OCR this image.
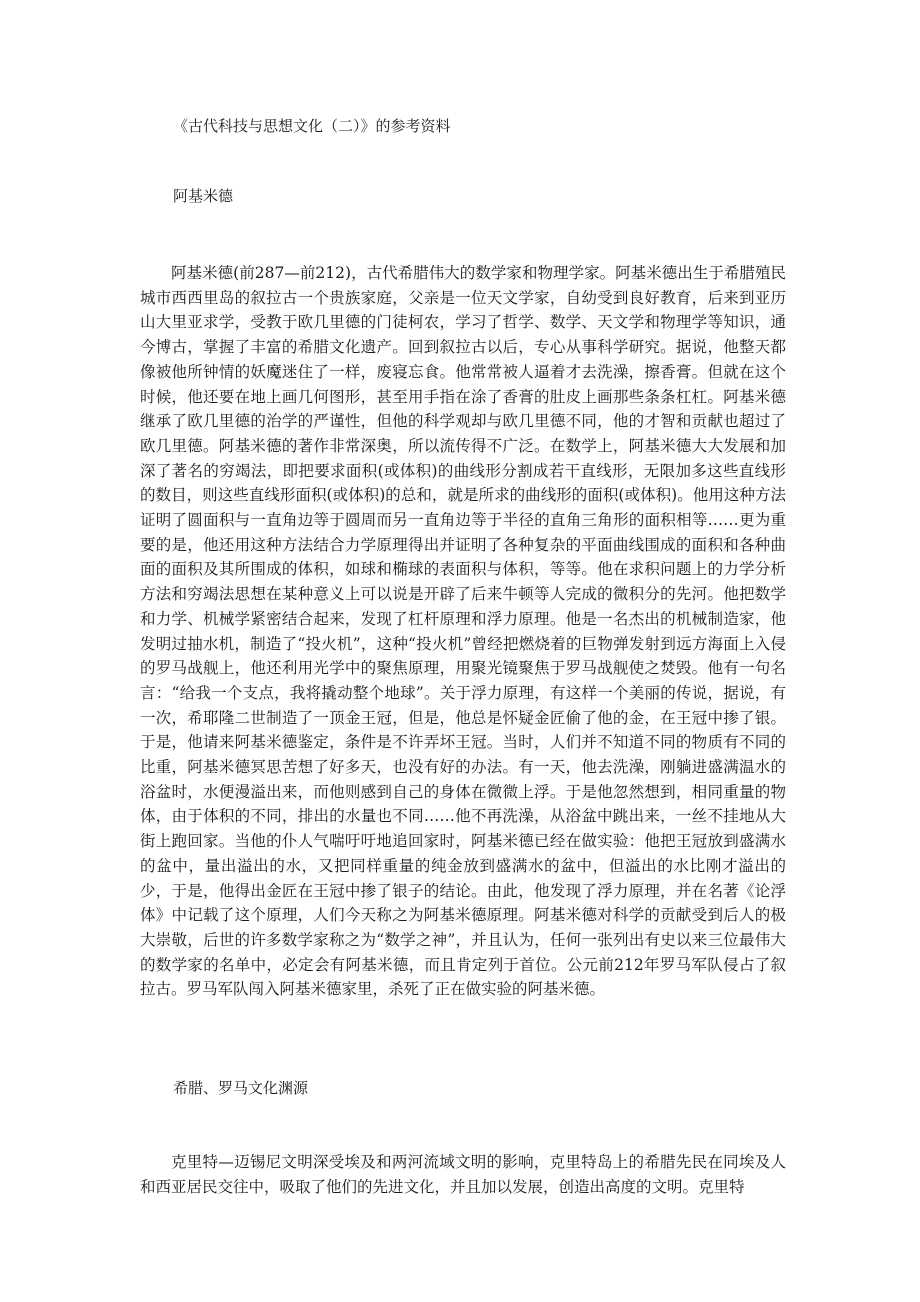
《古代科技与思想文化（二）》的参考资料
阿基米德

阿基米德(前287—前212)，古代希腊伟大的数学家和物理学家。阿基米德出生于希腊殖民城市西西里岛的叙拉古一个贵族家庭，父亲是一位天文学家，自幼受到良好教育，后来到亚历山大里亚求学，受教于欧几里德的门徒柯农，学习了哲学、数学、天文学和物理学等知识，通今博古，掌握了丰富的希腊文化遗产。回到叙拉古以后，专心从事科学研究。据说，他整天都像被他所钟情的妖魔迷住了一样，废寝忘食。他常常被人逼着才去洗澡，擦香膏。但就在这个时候，他还要在地上画几何图形，甚至用手指在涂了香膏的肚皮上画那些条条杠杠。阿基米德继承了欧几里德的治学的严谨性，但他的科学观却与欧几里德不同，他的才智和贡献也超过了欧几里德。阿基米德的著作非常深奥，所以流传得不广泛。在数学上，阿基米德大大发展和加深了著名的穷竭法，即把要求面积(或体积)的曲线形分割成若干直线形，无限加多这些直线形的数目，则这些直线形面积(或体积)的总和，就是所求的曲线形的面积(或体积)。他用这种方法证明了圆面积与一直角边等于圆周而另一直角边等于半径的直角三角形的面积相等……更为重要的是，他还用这种方法结合力学原理得出并证明了各种复杂的平面曲线围成的面积和各种曲面的面积及其所围成的体积，如球和椭球的表面积与体积，等等。他在求积问题上的力学分析方法和穷竭法思想在某种意义上可以说是开辟了后来牛顿等人完成的微积分的先河。他把数学和力学、机械学紧密结合起来，发现了杠杆原理和浮力原理。他是一名杰出的机械制造家，他发明过抽水机，制造了“投火机”，这种“投火机”曾经把燃烧着的巨物弹发射到远方海面上入侵的罗马战舰上，他还利用光学中的聚焦原理，用聚光镜聚焦于罗马战舰使之焚毁。他有一句名言：“给我一个支点，我将撬动整个地球”。关于浮力原理，有这样一个美丽的传说，据说，有一次，希耶隆二世制造了一顶金王冠，但是，他总是怀疑金匠偷了他的金，在王冠中掺了银。于是，他请来阿基米德鉴定，条件是不许弄坏王冠。当时，人们并不知道不同的物质有不同的比重，阿基米德冥思苦想了好多天，也没有好的办法。有一天，他去洗澡，刚躺进盛满温水的浴盆时，水便漫溢出来，而他则感到自己的身体在微微上浮。于是他忽然想到，相同重量的物体，由于体积的不同，排出的水量也不同……他不再洗澡，从浴盆中跳出来，一丝不挂地从大街上跑回家。当他的仆人气喘吁吁地追回家时，阿基米德已经在做实验：他把王冠放到盛满水的盆中，量出溢出的水，又把同样重量的纯金放到盛满水的盆中，但溢出的水比刚才溢出的少，于是，他得出金匠在王冠中掺了银子的结论。由此，他发现了浮力原理，并在名著《论浮体》中记载了这个原理，人们今天称之为阿基米德原理。阿基米德对科学的贡献受到后人的极大崇敬，后世的许多数学家称之为“数学之神”，并且认为，任何一张列出有史以来三位最伟大的数学家的名单中，必定会有阿基米德，而且肯定列于首位。公元前212年罗马军队侵占了叙拉古。罗马军队闯入阿基米德家里，杀死了正在做实验的阿基米德。

希腊、罗马文化渊源

克里特—迈锡尼文明深受埃及和两河流域文明的影响，克里特岛上的希腊先民在同埃及人和西亚居民交往中，吸取了他们的先进文化，并且加以发展，创造出高度的文明。克里特
